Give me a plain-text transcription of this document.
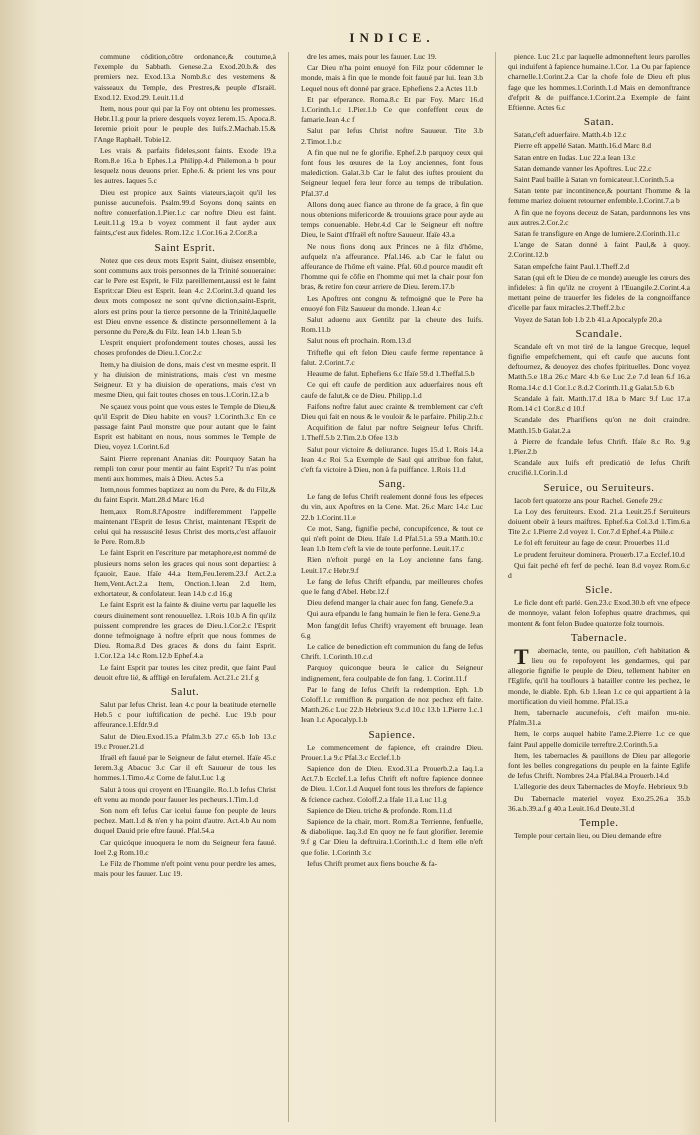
INDICE.

commune códition,cőtre ordonance,& coutume,à l'exemple du Sabbath. Genese.2.a Exod.20.b.& des premiers nez. Exod.13.a Nomb.8.c des vestemens & vaisseaux du Temple, des Prestres,& peuple d'Israël. Exod.12. Exod.29. Leuit.11.d

Item, nous pour qui par la Foy ont obtenu les promesses. Hebr.11.g pour la priere desquels voyez Ierem.15. Apoca.8. Ieremie prioit pour le peuple des Iuifs.2.Machab.15.& l'Ange Raphaël. Tobie12.

Les vrais & parfaits fideles,sont faints. Exode 19.a Rom.8.e 16.a b Ephes.1.a Philipp.4.d Philemon.a b pour lesquelz nous deuons prier. Ephe.6. & prient les vns pour les autres. Iaques 5.c

Dieu est propice aux Saints viateurs,iaçoit qu'il les punisse aucunefois. Psalm.99.d Soyons donq saints en noftre conuerfation.1.Pier.1.c car noftre Dieu est faint. Leuit.11.g 19.a b voyez comment il faut ayder aux faints,c'est aux fideles. Rom.12.c 1.Cor.16.a 2.Cor.8.a

Saint Esprit.

Notez que ces deux mots Esprit Saint, diuisez ensemble, sont communs aux trois personnes de la Trinité souueraine: car le Pere est Esprit, le Filz pareillement,aussi est le faint Esprit:car Dieu est Esprit. Iean 4.c 2.Corint.3.d quand les deux mots composez ne sont qu'vne diction,saint-Esprit, alors est prins pour la tierce personne de la Trinité,laquelle est Dieu envne essence & distincte personnellement à la personne du Pere,& du Filz. Iean 14.b 1.Iean 5.b

L'esprit enquiert profondement toutes choses, aussi les choses profondes de Dieu.1.Cor.2.c

Item,y ha diuision de dons, mais c'est vn mesme esprit. Il y ha diuision de ministrations, mais c'est vn mesme Seigneur. Et y ha diuision de operations, mais c'est vn mesme Dieu, qui fait toutes choses en tous.1.Corin.12.a b

Ne sçauez vous point que vous estes le Temple de Dieu,& qu'il Esprit de Dieu habite en vous? 1.Corinth.3.c En ce passage faint Paul monstre que pour autant que le faint Esprit est habitant en nous, nous sommes le Temple de Dieu, voyez 1.Corint.6.d

Saint Pierre reprenant Ananias dit: Pourquoy Satan ha rempli ton cœur pour mentir au faint Esprit? Tu n'as point menti aux hommes, mais à Dieu. Actes 5.a

Item,nous fommes baptizez au nom du Pere, & du Filz,& du faint Esprit. Matt.28.d Marc 16.d

Item,aux Rom.8.l'Apostre indifferemment l'appelle maintenant l'Esprit de Iesus Christ, maintenant l'Esprit de celui qui ha ressuscité Iesus Christ des morts,c'est affauoir le Pere. Rom.8.b

Le faint Esprit en l'escriture par metaphore,est nommé de plusieurs noms selon les graces qui nous sont departies: à fçauoir, Eaue. Ifaïe 44.a Item,Feu.Ierem.23.f Act.2.a Item,Vent.Act.2.a Item, Onction.1.Iean 2.d Item, exhortateur, & confolateur. Iean 14.b c.d 16.g

Le faint Esprit est la fainte & diuine vertu par laquelle les cœurs diuinement sont renouuellez. 1.Rois 10.b A fin qu'ilz puissent comprendre les graces de Dieu.1.Cor.2.c l'Esprit donne tefmoignage à noftre efprit que nous fommes de Dieu. Roma.8.d Des graces & dons du faint Esprit. 1.Cor.12.a 14.c Rom.12.b Ephef.4.a

Le faint Esprit par toutes les citez predit, que faint Paul deuoit eftre lié, & affligé en Ierufalem. Act.21.c 21.f g

Salut.

Salut par Iefus Christ. Iean 4.c pour la beatitude eternelle Heb.5 c pour iuftification de peché. Luc 19.b pour affeurance.1.Efdr.9.d

Salut de Dieu.Exod.15.a Pfalm.3.b 27.c 65.b Iob 13.c 19.c Prouer.21.d

Ifraël eft fauué par le Seigneur de falut eternel. Ifaïe 45.c Ierem.3.g Abacuc 3.c Car il eft Sauueur de tous les hommes.1.Timo.4.c Corne de falut.Luc 1.g

Salut à tous qui croyent en l'Euangile. Ro.1.b Iefus Christ eft venu au monde pour fauuer les pecheurs.1.Tim.1.d

Son nom eft Iefus Car icelui fauue fon peuple de leurs pechez. Matt.1.d & n'en y ha point d'autre. Act.4.b Au nom duquel Dauid prie eftre fauué. Pfal.54.a

Car quicóque inuoquera le nom du Seigneur fera fauué. Ioel 2.g Rom.10.c

Le Filz de l'homme n'eft point venu pour perdre les ames, mais pour les fauuer. Luc 19.

dre les ames, mais pour les fauuer. Luc 19.

Car Dieu n'ha point enuoyé fon Filz pour cődemner le monde, mais à fin que le monde foit fauué par lui. Iean 3.b Lequel nous eft donné par grace. Ephefiens 2.a Actes 11.b

Et par efperance. Roma.8.c Et par Foy. Marc 16.d 1.Corinth.1.c 1.Pier.1.b Ce que confeffent ceux de famarie.Iean 4.c f

Salut par Iefus Christ noftre Sauueur. Tite 3.b 2.Timot.1.b.c

A fin que nul ne fe glorifie. Ephef.2.b parquoy ceux qui font fous les œuures de la Loy anciennes, font fous malediction. Galat.3.b Car le falut des iuftes prouient du Seigneur lequel fera leur force au temps de tribulation. Pfal.37.d

Allons donq auec fiance au throne de fa grace, à fin que nous obtenions mifericorde & trouuions grace pour ayde au temps conuenable. Hebr.4.d Car le Seigneur eft noftre Dieu, le Saint d'Ifraël eft noftre Sauueur. Ifaïe 43.a

Ne nous fions donq aux Princes ne à filz d'hőme, aufquelz n'a affeurance. Pfal.146. a.b Car le falut ou affeurance de l'hőme eft vaine. Pfal. 60.d pource maudit eft l'homme qui fe cőfie en l'homme qui met la chair pour fon bras, & retire fon cœur arriere de Dieu. Ierem.17.b

Les Apoftres ont congnu & tefmoigné que le Pere ha enuoyé fon Filz Sauueur du monde. 1.Iean 4.c

Salut aduenu aux Gentilz par la cheute des Iuifs. Rom.11.b

Salut nous eft prochain. Rom.13.d

Triftefle qui eft felon Dieu caufe ferme repentance à falut. 2.Corint.7.c

Heaume de falut. Ephefiens 6.c Ifaïe 59.d 1.Theffal.5.b

Ce qui eft caufe de perdition aux aduerfaires nous eft caufe de falut,& ce de Dieu. Philipp.1.d

Faifons noftre falut auec crainte & tremblement car c'eft Dieu qui fait en nous & le vouloir & le parfaire. Philip.2.b.c

Acquifition de falut par noftre Seigneur Iefus Chrift. 1.Theff.5.b 2.Tim.2.b Ofee 13.b

Salut pour victoire & deliurance. Iuges 15.d 1. Rois 14.a Iean 4.c Roi 5.a Exemple de Saul qui attribue fon falut, c'eft fa victoire à Dieu, non à fa puiffance. 1.Rois 11.d

Sang.

Le fang de Iefus Chrift realement donné fous les efpeces du vin, aux Apoftres en la Cene. Mat. 26.c Marc 14.c Luc 22.b 1.Corint.11.e

Ce mot, Sang, fignifie peché, concupifcence, & tout ce qui n'eft point de Dieu. Ifaïe 1.d Pfal.51.a 59.a Matth.10.c Iean 1.b Item c'eft la vie de toute perfonne. Leuit.17.c

Rien n'eftoit purgé en la Loy ancienne fans fang. Leuit.17.c Hebr.9.f

Le fang de Iefus Chrift efpandu, par meilleures chofes que le fang d'Abel. Hebr.12.f

Dieu defend manger la chair auec fon fang. Genefe.9.a

Qui aura efpandu le fang humain le fien le fera. Gene.9.a

Mon fang(dit Iefus Chrift) vrayement eft bruuage. Iean 6.g

Le calice de benediction eft communion du fang de Iefus Chrift. 1.Corinth.10.c.d

Parquoy quiconque beura le calice du Seigneur indignement, fera coulpable de fon fang. 1. Corint.11.f

Par le fang de Iefus Chrift la redemption. Eph. 1.b Coloff.1.c remiffion & purgation de noz pechez eft faite. Matth.26.c Luc 22.b Hebrieux 9.c.d 10.c 13.b 1.Pierre 1.c.1 Iean 1.c Apocalyp.1.b

Sapience.

Le commencement de fapience, eft craindre Dieu. Prouer.1.a 9.c Pfal.3.c Ecclef.1.b

Sapience don de Dieu. Exod.31.a Prouerb.2.a Iaq.1.a Act.7.b Ecclef.1.a Iefus Chrift eft noftre fapience donnee de Dieu. 1.Cor.1.d Auquel font tous les threfors de fapience & fcience cachez. Coloff.2.a Ifaïe 11.a Luc 11.g

Sapience de Dieu. triche & profonde. Rom.11.d

Sapience de la chair, mort. Rom.8.a Terrienne, fenfuelle, & diabolique. Iaq.3.d En quoy ne fe faut glorifier. Ieremie 9.f g Car Dieu la deftruira.1.Corinth.1.c d Item elle n'eft que folie. 1.Corinth 3.c

Iefus Chrift promet aux fiens bouche & fa-

pience. Luc 21.c par laquelle admonneftent leurs parolles qui induifent à fapience humaine.1.Cor. 1.a Ou par fapience charnelle.1.Corint.2.a Car la chofe fole de Dieu eft plus fage que les hommes.1.Corinth.1.d Mais en demonftrance d'efprit & de puiffance.1.Corint.2.a Exemple de faint Eftienne. Actes 6.c

Satan.

Satan,c'eft aduerfaire. Matth.4.b 12.c

Pierre eft appellé Satan. Matth.16.d Marc 8.d

Satan entre en Iudas. Luc 22.a Iean 13.c

Satan demande vanner les Apoftres. Luc 22.c

Saint Paul baille à Satan vn fornicateur.1.Corinth.5.a

Satan tente par incontinence,& pourtant l'homme & la femme mariez doiuent retourner enfemble.1.Corint.7.a b

A fin que ne foyons deceuz de Satan, pardonnons les vns aux autres.2.Cor.2.c

Satan fe transfigure en Ange de lumiere.2.Corinth.11.c

L'ange de Satan donné à faint Paul,& à quoy. 2.Corint.12.b

Satan empefche faint Paul.1.Theff.2.d

Satan (qui eft le Dieu de ce monde) aueugle les cœurs des infideles: à fin qu'ilz ne croyent à l'Euangile.2.Corint.4.a mettant peine de trauerfer les fideles de la congnoiffance d'icelle par faux miracles.2.Theff.2.b.c

Voyez de Satan Iob 1.b 2.b 41.a Apocalypfe 20.a

Scandale.

Scandale eft vn mot tiré de la langue Grecque, lequel fignifie empefchement, qui eft caufe que aucuns font deftournez, & deuoyez des chofes fpirituelles. Donc voyez Matth.5.e 18.a 26.c Marc 4.b 6.e Luc 2.e 7.d Iean 6.f 16.a Roma.14.c d.1 Cor.1.c 8.d.2 Corinth.11.g Galat.5.b 6.b

Scandale à fait. Matth.17.d 18.a b Marc 9.f Luc 17.a Rom.14 c1 Cor.8.c d 10.f

Scandale des Pharifiens qu'on ne doit craindre. Matth.15.b Galat.2.a

à Pierre de fcandale Iefus Chrift. Ifaïe 8.c Ro. 9.g 1.Pier.2.b

Scandale aux Iuifs eft predicatió de Iefus Chrift crucifié.1.Corin.1.d

Seruice, ou Seruiteurs.

Iacob fert quatorze ans pour Rachel. Genefe 29.c

La Loy des feruiteurs. Exod. 21.a Leuit.25.f Seruiteurs doiuent obeïr à leurs maiftres. Ephef.6.a Col.3.d 1.Tim.6.a Tite 2.c 1.Pierre 2.d voyez 1. Cor.7.d Ephef.4.a Phile.c

Le fol eft feruiteur au fage de cœur. Prouerbes 11.d

Le prudent feruiteur dominera. Prouerb.17.a Ecclef.10.d

Qui fait peché eft ferf de peché. Iean 8.d voyez Rom.6.c d

Sicle.

Le ficle dont eft parlé. Gen.23.c Exod.30.b eft vne efpece de monnoye, valant felon Iofephus quatre drachmes, qui montent & font felon Budee quatorze folz tournois.

Tabernacle.

Tabernacle, tente, ou pauillon, c'eft habitation & lieu ou fe repofoyent les gendarmes, qui par allegorie fignifie le peuple de Dieu, tellement habiter en l'Eglife, qu'il ha touflours à batailler contre les pechez, le monde, le diable. Eph. 6.b 1.Iean 1.c ce qui appartient à la mortification du vieil homme. Pfal.15.a

Item, tabernacle aucunefois, c'eft maifon mu-nie. Pfalm.31.a

Item, le corps auquel habite l'ame.2.Pierre 1.c ce que faint Paul appelle domicile terreftre.2.Corinth.5.a

Item, les tabernacles & pauillons de Dieu par allegorie font les belles congregations du peuple en la fainte Eglife de Iefus Chrift. Nombres 24.a Pfal.84.a Prouerb.14.d

L'allegorie des deux Tabernacles de Moyfe. Hebrieux 9.b

Du Tabernacle materiel voyez Exo.25.26.a 35.b 36.a.b.39.a.f g 40.a Leuit.16.d Deute.31.d

Temple.

Temple pour certain lieu, ou Dieu demande eftre
